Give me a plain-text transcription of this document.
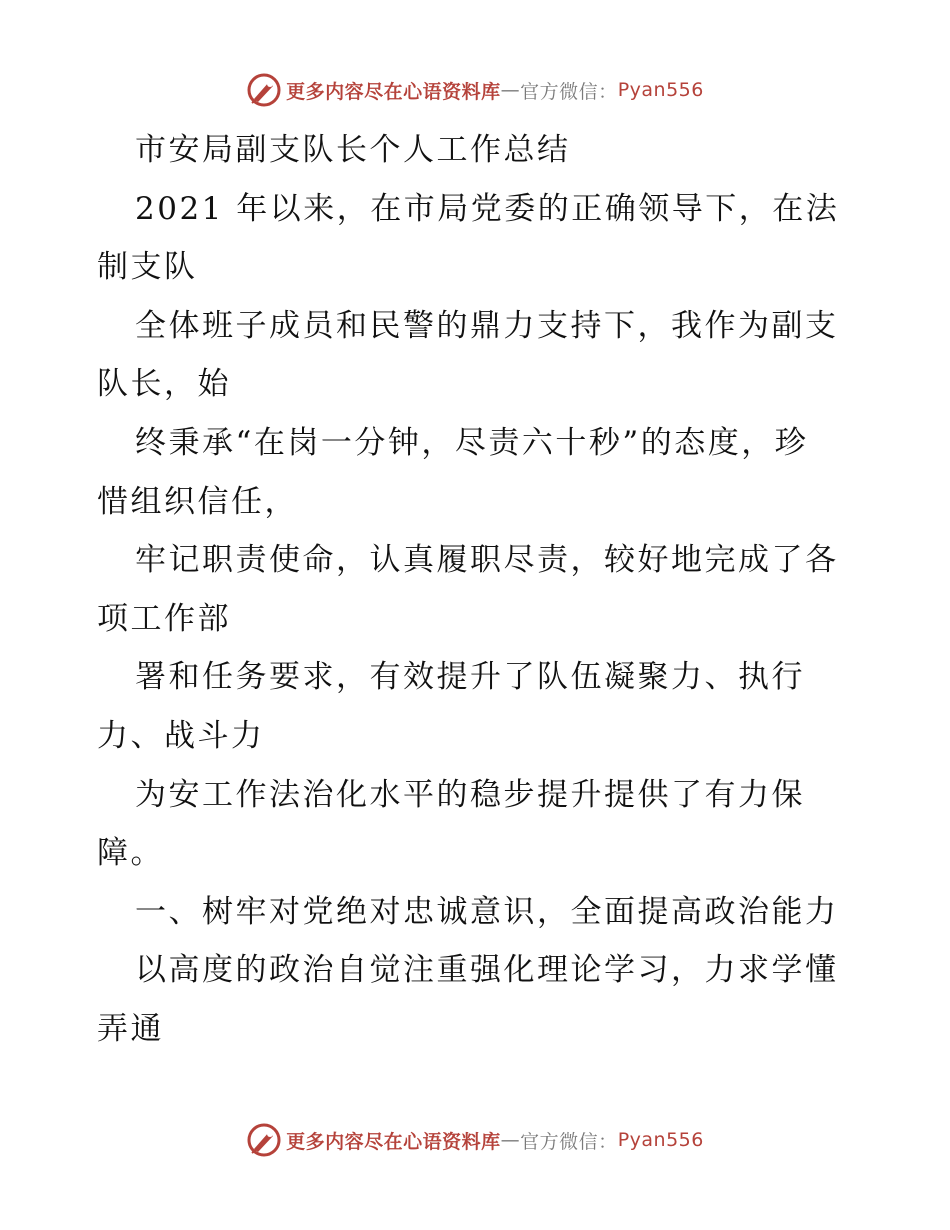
更多内容尽在心语资料库 — 官方微信： Pyan556
市安局副支队长个人工作总结
2021 年以来，在市局党委的正确领导下，在法
制支队
全体班子成员和民警的鼎力支持下，我作为副支
队长，始
终秉承“在岗一分钟，尽责六十秒”的态度，珍
惜组织信任，
牢记职责使命，认真履职尽责，较好地完成了各
项工作部
署和任务要求，有效提升了队伍凝聚力、执行
力、战斗力
为安工作法治化水平的稳步提升提供了有力保
障。
一、树牢对党绝对忠诚意识，全面提高政治能力
以高度的政治自觉注重强化理论学习，力求学懂
弄通
更多内容尽在心语资料库 — 官方微信： Pyan556
